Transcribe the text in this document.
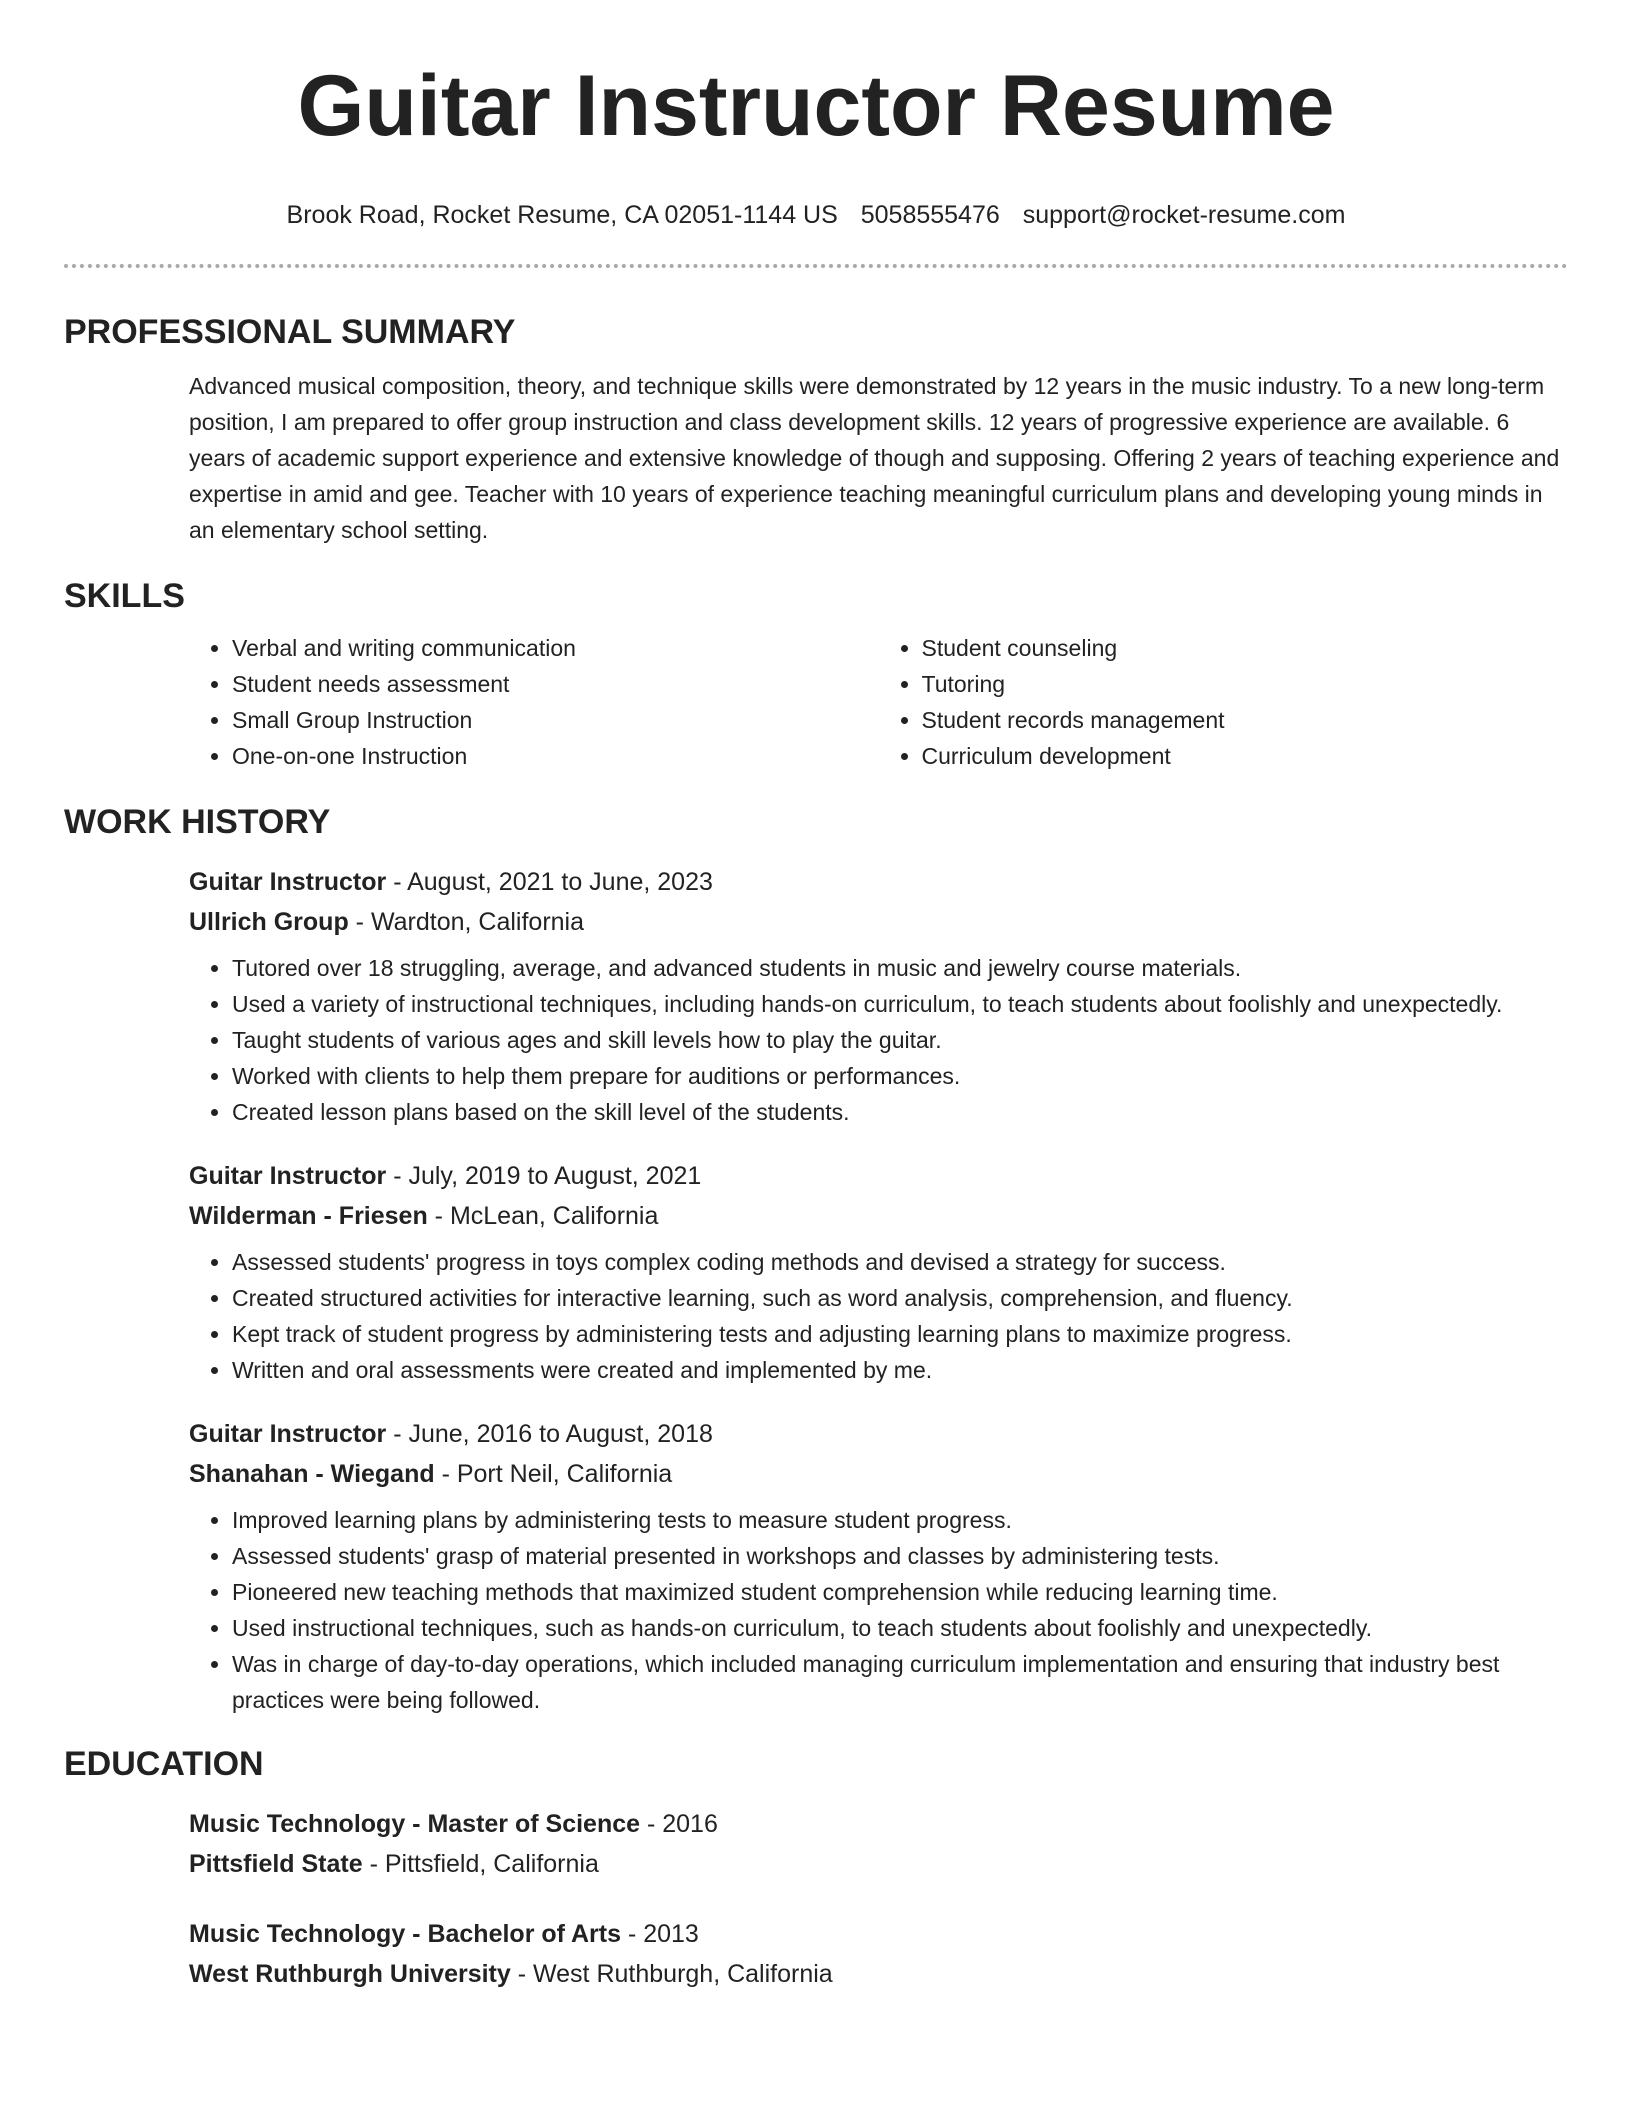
Guitar Instructor Resume
Brook Road, Rocket Resume, CA 02051-1144 US 5058555476 support@rocket-resume.com
PROFESSIONAL SUMMARY

Advanced musical composition, theory, and technique skills were demonstrated by 12 years in the music industry. To a new long-term position, I am prepared to offer group instruction and class development skills. 12 years of progressive experience are available. 6 years of academic support experience and extensive knowledge of though and supposing. Offering 2 years of teaching experience and expertise in amid and gee. Teacher with 10 years of experience teaching meaningful curriculum plans and developing young minds in an elementary school setting.

SKILLS
• Verbal and writing communication
• Student needs assessment
• Small Group Instruction
• One-on-one Instruction
• Student counseling
• Tutoring
• Student records management
• Curriculum development
WORK HISTORY
Guitar Instructor - August, 2021 to June, 2023
Ullrich Group - Wardton, California
• Tutored over 18 struggling, average, and advanced students in music and jewelry course materials.
• Used a variety of instructional techniques, including hands-on curriculum, to teach students about foolishly and unexpectedly.
• Taught students of various ages and skill levels how to play the guitar.
• Worked with clients to help them prepare for auditions or performances.
• Created lesson plans based on the skill level of the students.
Guitar Instructor - July, 2019 to August, 2021
Wilderman - Friesen - McLean, California
• Assessed students' progress in toys complex coding methods and devised a strategy for success.
• Created structured activities for interactive learning, such as word analysis, comprehension, and fluency.
• Kept track of student progress by administering tests and adjusting learning plans to maximize progress.
• Written and oral assessments were created and implemented by me.
Guitar Instructor - June, 2016 to August, 2018
Shanahan - Wiegand - Port Neil, California
• Improved learning plans by administering tests to measure student progress.
• Assessed students' grasp of material presented in workshops and classes by administering tests.
• Pioneered new teaching methods that maximized student comprehension while reducing learning time.
• Used instructional techniques, such as hands-on curriculum, to teach students about foolishly and unexpectedly.
• Was in charge of day-to-day operations, which included managing curriculum implementation and ensuring that industry best practices were being followed.
EDUCATION
Music Technology - Master of Science - 2016
Pittsfield State - Pittsfield, California
Music Technology - Bachelor of Arts - 2013
West Ruthburgh University - West Ruthburgh, California
